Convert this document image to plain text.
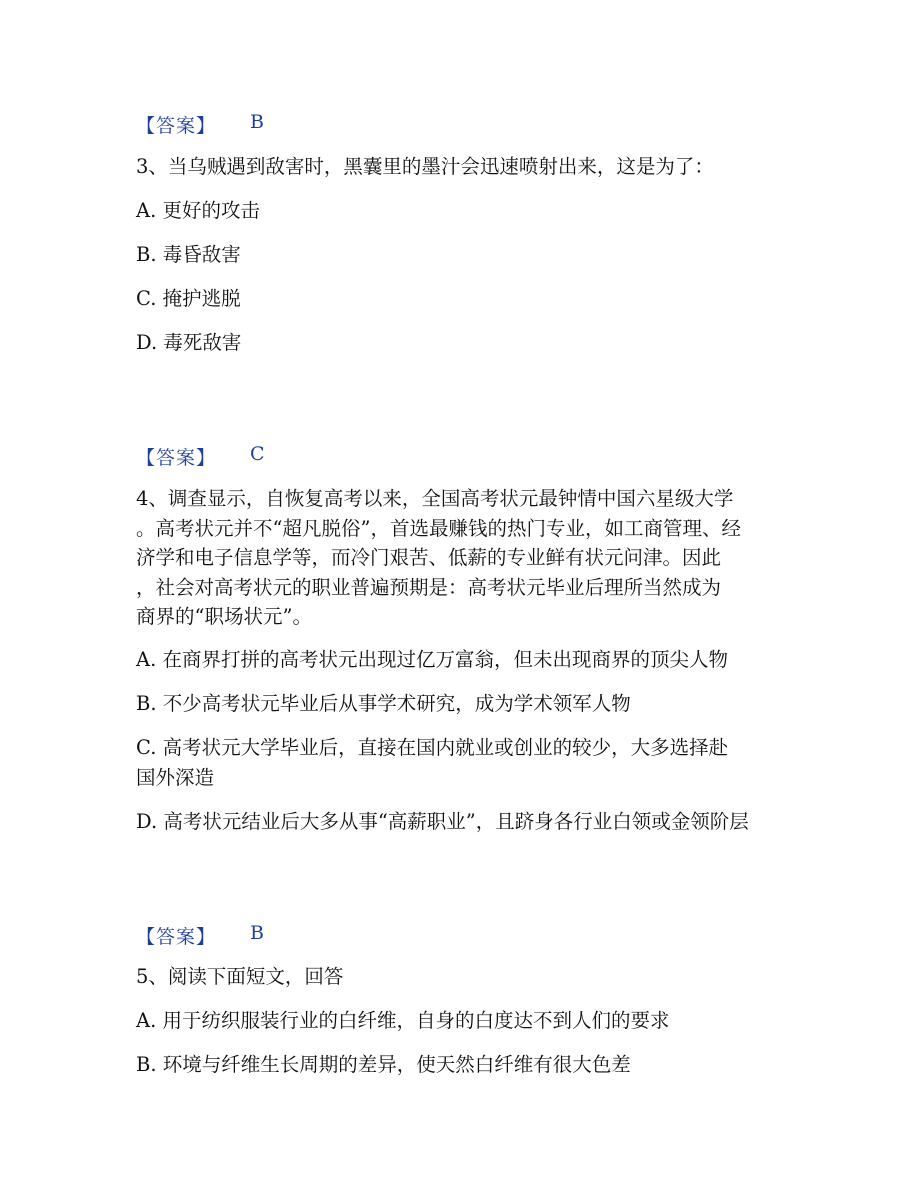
【答案】 B
3、当乌贼遇到敌害时，黑囊里的墨汁会迅速喷射出来，这是为了：
A. 更好的攻击
B. 毒昏敌害
C. 掩护逃脱
D. 毒死敌害
【答案】 C
4、调查显示，自恢复高考以来，全国高考状元最钟情中国六星级大学
。高考状元并不“超凡脱俗”，首选最赚钱的热门专业，如工商管理、经
济学和电子信息学等，而冷门艰苦、低薪的专业鲜有状元问津。因此
，社会对高考状元的职业普遍预期是：高考状元毕业后理所当然成为
商界的“职场状元”。
A. 在商界打拼的高考状元出现过亿万富翁，但未出现商界的顶尖人物
B. 不少高考状元毕业后从事学术研究，成为学术领军人物
C. 高考状元大学毕业后，直接在国内就业或创业的较少，大多选择赴
国外深造
D. 高考状元结业后大多从事“高薪职业”，且跻身各行业白领或金领阶层
【答案】 B
5、阅读下面短文，回答
A. 用于纺织服装行业的白纤维，自身的白度达不到人们的要求
B. 环境与纤维生长周期的差异，使天然白纤维有很大色差
